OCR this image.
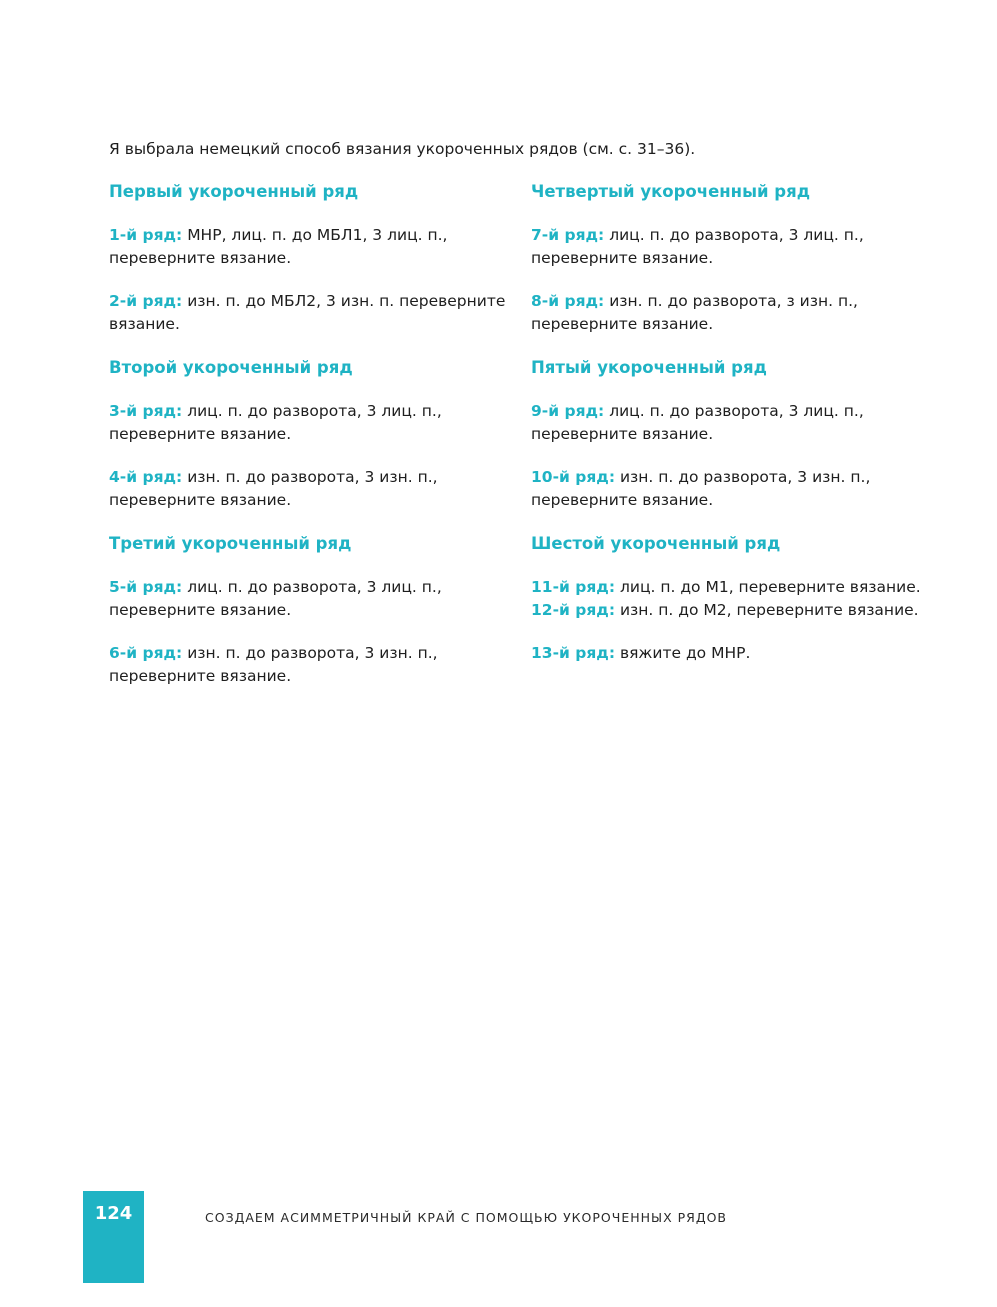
Я выбрала немецкий способ вязания укороченных рядов (см. с. 31–36).

Первый укороченный ряд

1-й ряд: МНР, лиц. п. до МБЛ1, 3 лиц. п., переверните вязание.

2-й ряд: изн. п. до МБЛ2, 3 изн. п. переверните вязание.

Второй укороченный ряд

3-й ряд: лиц. п. до разворота, 3 лиц. п., переверните вязание.

4-й ряд: изн. п. до разворота, 3 изн. п., переверните вязание.

Третий укороченный ряд

5-й ряд: лиц. п. до разворота, 3 лиц. п., переверните вязание.

6-й ряд: изн. п. до разворота, 3 изн. п., переверните вязание.

Четвертый укороченный ряд

7-й ряд: лиц. п. до разворота, 3 лиц. п., переверните вязание.

8-й ряд: изн. п. до разворота, з изн. п., переверните вязание.

Пятый укороченный ряд

9-й ряд: лиц. п. до разворота, 3 лиц. п., переверните вязание.

10-й ряд: изн. п. до разворота, 3 изн. п., переверните вязание.

Шестой укороченный ряд

11-й ряд: лиц. п. до М1, переверните вязание.

12-й ряд: изн. п. до М2, переверните вязание.

13-й ряд: вяжите до МНР.

124	СОЗДАЕМ АСИММЕТРИЧНЫЙ КРАЙ С ПОМОЩЬЮ УКОРОЧЕННЫХ РЯДОВ
